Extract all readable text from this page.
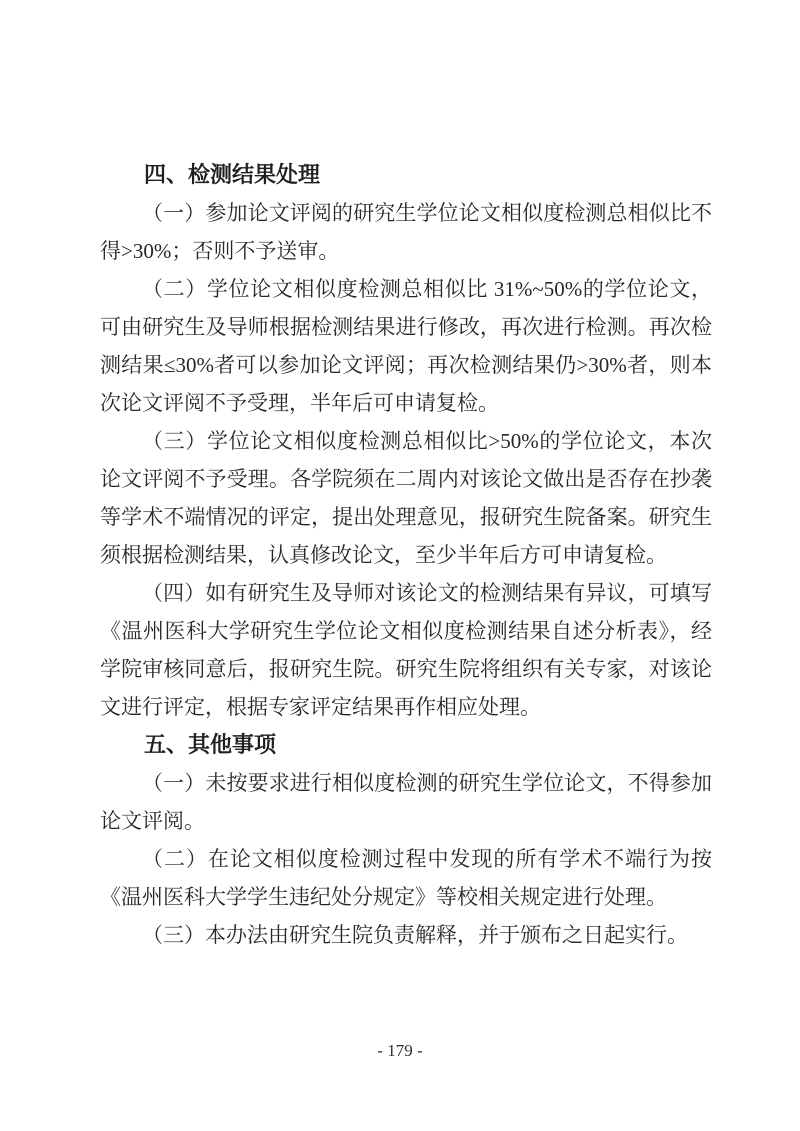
四、检测结果处理

（一）参加论文评阅的研究生学位论文相似度检测总相似比不得>30%；否则不予送审。

（二）学位论文相似度检测总相似比 31%~50%的学位论文，可由研究生及导师根据检测结果进行修改，再次进行检测。再次检测结果≤30%者可以参加论文评阅；再次检测结果仍>30%者，则本次论文评阅不予受理，半年后可申请复检。

（三）学位论文相似度检测总相似比>50%的学位论文，本次论文评阅不予受理。各学院须在二周内对该论文做出是否存在抄袭等学术不端情况的评定，提出处理意见，报研究生院备案。研究生须根据检测结果，认真修改论文，至少半年后方可申请复检。

（四）如有研究生及导师对该论文的检测结果有异议，可填写《温州医科大学研究生学位论文相似度检测结果自述分析表》，经学院审核同意后，报研究生院。研究生院将组织有关专家，对该论文进行评定，根据专家评定结果再作相应处理。

五、其他事项

（一）未按要求进行相似度检测的研究生学位论文，不得参加论文评阅。

（二）在论文相似度检测过程中发现的所有学术不端行为按《温州医科大学学生违纪处分规定》等校相关规定进行处理。

（三）本办法由研究生院负责解释，并于颁布之日起实行。

- 179 -
